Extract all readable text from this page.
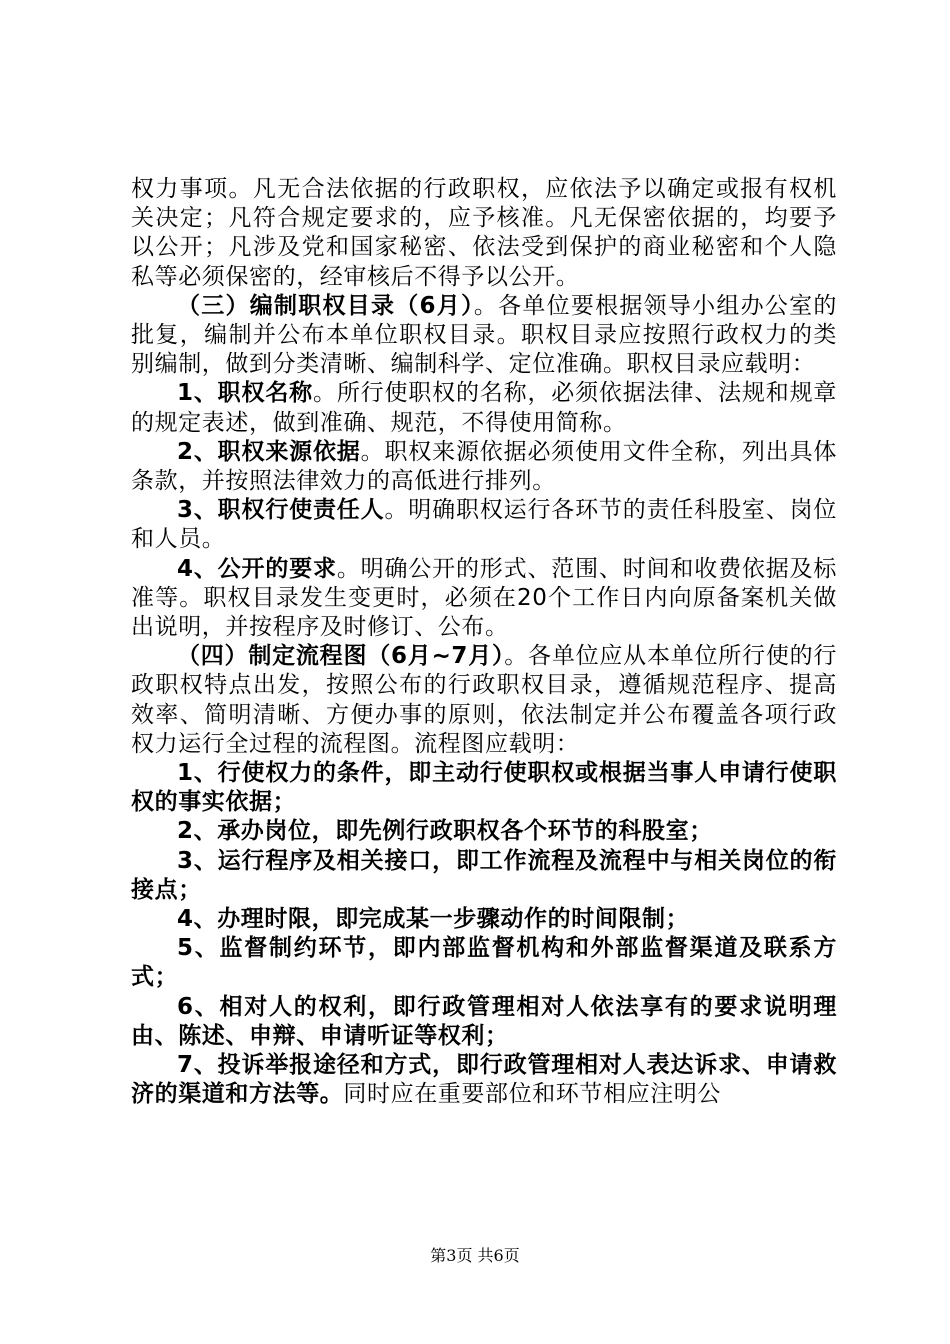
权力事项。凡无合法依据的行政职权，应依法予以确定或报有权机关决定；凡符合规定要求的，应予核准。凡无保密依据的，均要予以公开；凡涉及党和国家秘密、依法受到保护的商业秘密和个人隐私等必须保密的，经审核后不得予以公开。

（三）编制职权目录（6月）。各单位要根据领导小组办公室的批复，编制并公布本单位职权目录。职权目录应按照行政权力的类别编制，做到分类清晰、编制科学、定位准确。职权目录应载明：

1、职权名称。所行使职权的名称，必须依据法律、法规和规章的规定表述，做到准确、规范，不得使用简称。

2、职权来源依据。职权来源依据必须使用文件全称，列出具体条款，并按照法律效力的高低进行排列。

3、职权行使责任人。明确职权运行各环节的责任科股室、岗位和人员。

4、公开的要求。明确公开的形式、范围、时间和收费依据及标准等。职权目录发生变更时，必须在20个工作日内向原备案机关做出说明，并按程序及时修订、公布。

（四）制定流程图（6月~7月）。各单位应从本单位所行使的行政职权特点出发，按照公布的行政职权目录，遵循规范程序、提高效率、简明清晰、方便办事的原则，依法制定并公布覆盖各项行政权力运行全过程的流程图。流程图应载明：

1、行使权力的条件，即主动行使职权或根据当事人申请行使职权的事实依据；

2、承办岗位，即先例行政职权各个环节的科股室；

3、运行程序及相关接口，即工作流程及流程中与相关岗位的衔接点；

4、办理时限，即完成某一步骤动作的时间限制；

5、监督制约环节，即内部监督机构和外部监督渠道及联系方式；

6、相对人的权利，即行政管理相对人依法享有的要求说明理由、陈述、申辩、申请听证等权利；

7、投诉举报途径和方式，即行政管理相对人表达诉求、申请救济的渠道和方法等。同时应在重要部位和环节相应注明公

第3页 共6页
